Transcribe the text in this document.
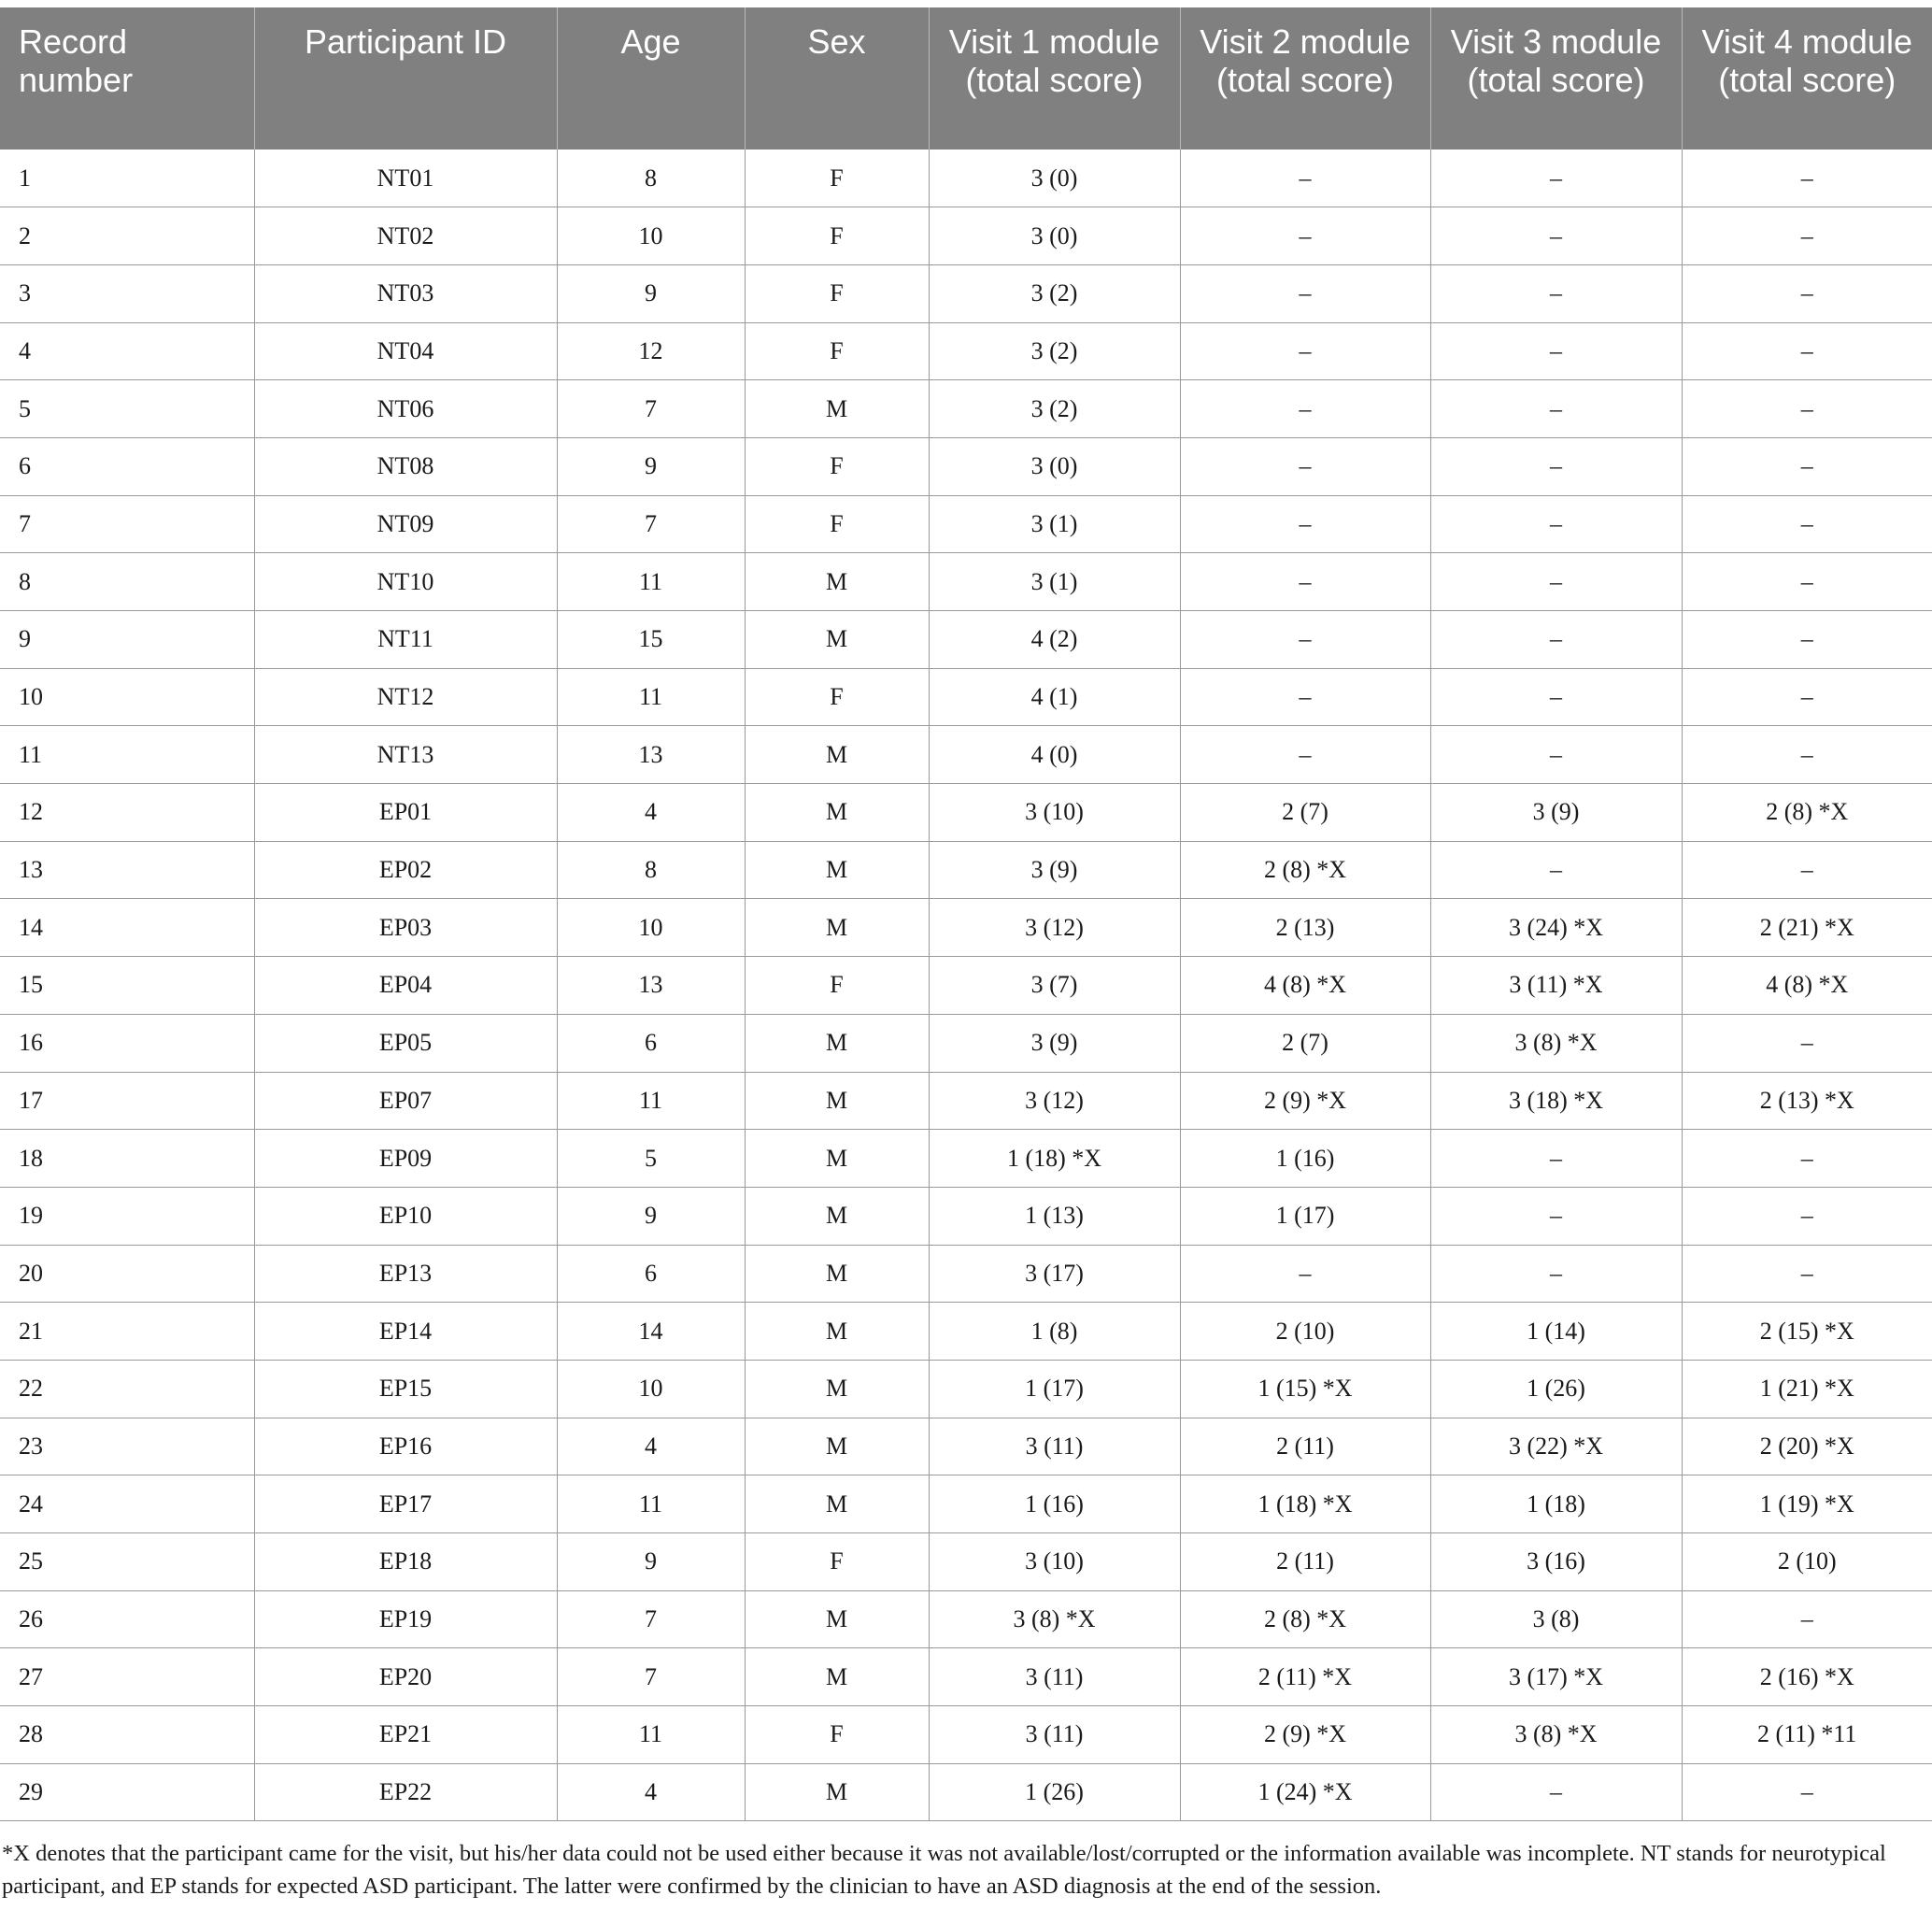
Record number	Participant ID	Age	Sex	Visit 1 module (total score)	Visit 2 module (total score)	Visit 3 module (total score)	Visit 4 module (total score)
1	NT01	8	F	3 (0)	–	–	–
2	NT02	10	F	3 (0)	–	–	–
3	NT03	9	F	3 (2)	–	–	–
4	NT04	12	F	3 (2)	–	–	–
5	NT06	7	M	3 (2)	–	–	–
6	NT08	9	F	3 (0)	–	–	–
7	NT09	7	F	3 (1)	–	–	–
8	NT10	11	M	3 (1)	–	–	–
9	NT11	15	M	4 (2)	–	–	–
10	NT12	11	F	4 (1)	–	–	–
11	NT13	13	M	4 (0)	–	–	–
12	EP01	4	M	3 (10)	2 (7)	3 (9)	2 (8) *X
13	EP02	8	M	3 (9)	2 (8) *X	–	–
14	EP03	10	M	3 (12)	2 (13)	3 (24) *X	2 (21) *X
15	EP04	13	F	3 (7)	4 (8) *X	3 (11) *X	4 (8) *X
16	EP05	6	M	3 (9)	2 (7)	3 (8) *X	–
17	EP07	11	M	3 (12)	2 (9) *X	3 (18) *X	2 (13) *X
18	EP09	5	M	1 (18) *X	1 (16)	–	–
19	EP10	9	M	1 (13)	1 (17)	–	–
20	EP13	6	M	3 (17)	–	–	–
21	EP14	14	M	1 (8)	2 (10)	1 (14)	2 (15) *X
22	EP15	10	M	1 (17)	1 (15) *X	1 (26)	1 (21) *X
23	EP16	4	M	3 (11)	2 (11)	3 (22) *X	2 (20) *X
24	EP17	11	M	1 (16)	1 (18) *X	1 (18)	1 (19) *X
25	EP18	9	F	3 (10)	2 (11)	3 (16)	2 (10)
26	EP19	7	M	3 (8) *X	2 (8) *X	3 (8)	–
27	EP20	7	M	3 (11)	2 (11) *X	3 (17) *X	2 (16) *X
28	EP21	11	F	3 (11)	2 (9) *X	3 (8) *X	2 (11) *11
29	EP22	4	M	1 (26)	1 (24) *X	–	–

*X denotes that the participant came for the visit, but his/her data could not be used either because it was not available/lost/corrupted or the information available was incomplete. NT stands for neurotypical participant, and EP stands for expected ASD participant. The latter were confirmed by the clinician to have an ASD diagnosis at the end of the session.
